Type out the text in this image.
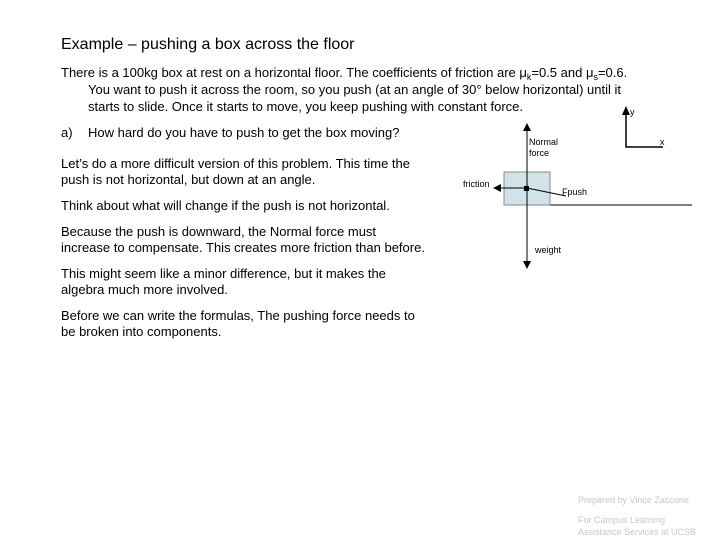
Example – pushing a box across the floor
There is a 100kg box at rest on a horizontal floor. The coefficients of friction are $\mu_k=0.5$ and $\mu_s=0.6$.
You want to push it across the room, so you push (at an angle of 30° below horizontal) until it
starts to slide. Once it starts to move, you keep pushing with constant force.
a) How hard do you have to push to get the box moving?
Let’s do a more difficult version of this problem. This time the
push is not horizontal, but down at an angle.
Think about what will change if the push is not horizontal.
Because the push is downward, the Normal force must
increase to compensate. This creates more friction than before.
This might seem like a minor difference, but it makes the
algebra much more involved.
Before we can write the formulas, The pushing force needs to
be broken into components.
y
x
Normal
force
friction
Fpush
weight
Prepared by Vince Zaccone
For Campus Learning
Assistance Services at UCSB
